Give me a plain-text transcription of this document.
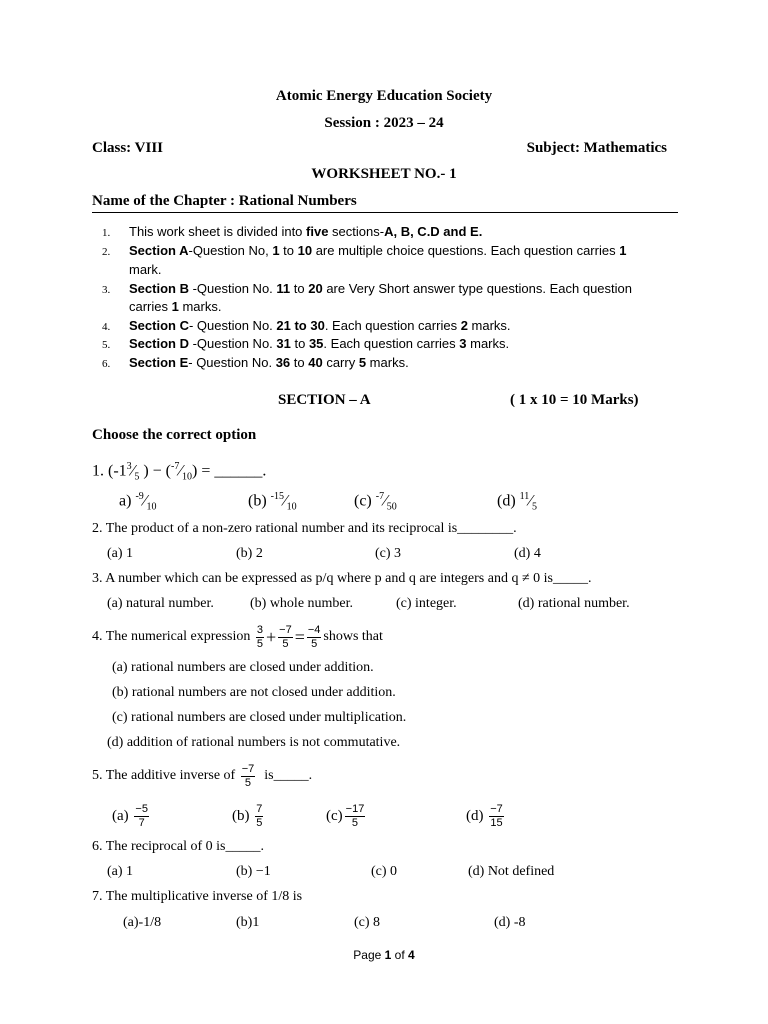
Atomic Energy Education Society
Session : 2023 – 24
Class: VIII	Subject: Mathematics
WORKSHEET NO.- 1
Name of the Chapter : Rational Numbers
1. This work sheet is divided into five sections-A, B, C.D and E.
2. Section A-Question No, 1 to 10 are multiple choice questions. Each question carries 1
mark.
3. Section B -Question No. 11 to 20 are Very Short answer type questions. Each question
carries 1 marks.
4. Section C- Question No. 21 to 30. Each question carries 2 marks.
5. Section D -Question No. 31 to 35. Each question carries 3 marks.
6. Section E- Question No. 36 to 40 carry 5 marks.
SECTION – A	( 1 x 10 = 10 Marks)
Choose the correct option
1. ($-1^3⁄_5$ ) − $(^{-7}⁄_{10})$ = ______.
a) $^{-9}⁄_{10}$	(b) $^{-15}⁄_{10}$	(c) $^{-7}⁄_{50}$	(d) $^{11}⁄_5$
2. The product of a non-zero rational number and its reciprocal is________.
(a) 1	(b) 2	(c) 3	(d) 4
3. A number which can be expressed as p/q where p and q are integers and q ≠ 0 is_____.
(a) natural number.	(b) whole number.	(c) integer.	(d) rational number.
4. The numerical expression
$\frac{3}{5} + \frac{-7}{5} = \frac{-4}{5}$ shows that
(a) rational numbers are closed under addition.
(b) rational numbers are not closed under addition.
(c) rational numbers are closed under multiplication.
(d) addition of rational numbers is not commutative.
5. The additive inverse of
$\frac{-7}{5}$
is_____.
(a)
$\frac{-5}{7}$	(b)
$\frac{7}{5}$	$(c) \frac{-17}{5}$	(d)
$\frac{-7}{15}$
6. The reciprocal of 0 is_____.
(a) 1	(b) −1	(c) 0	(d) Not defined
7. The multiplicative inverse of 1/8 is
(a)-1/8	(b)1	(c) 8	(d) -8
Page 1 of 4
